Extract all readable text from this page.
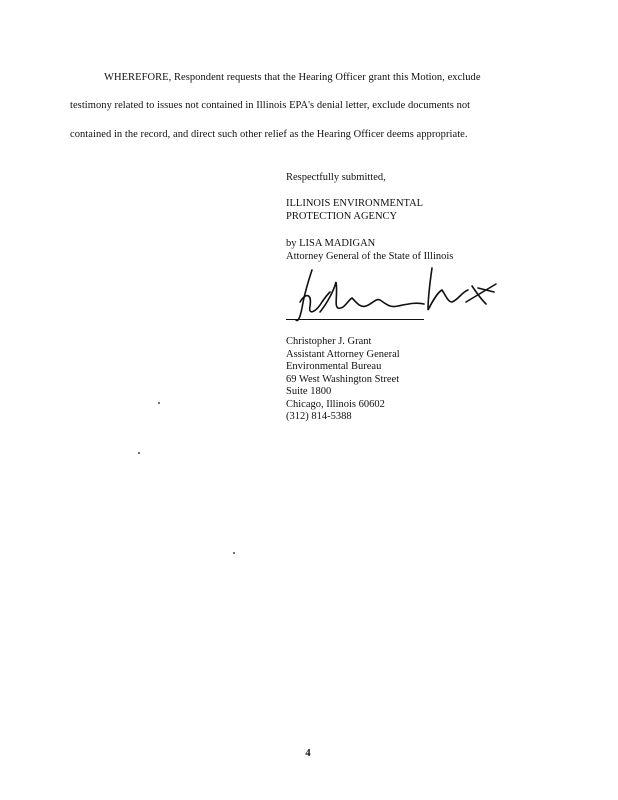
WHEREFORE, Respondent requests that the Hearing Officer grant this Motion, exclude
testimony related to issues not contained in Illinois EPA's denial letter, exclude documents not
contained in the record, and direct such other relief as the Hearing Officer deems appropriate.
Respectfully submitted,
ILLINOIS ENVIRONMENTAL
PROTECTION AGENCY
by LISA MADIGAN
Attorney General of the State of Illinois
Christopher J. Grant
Assistant Attorney General
Environmental Bureau
69 West Washington Street
Suite 1800
Chicago, Illinois 60602
(312) 814-5388
4
